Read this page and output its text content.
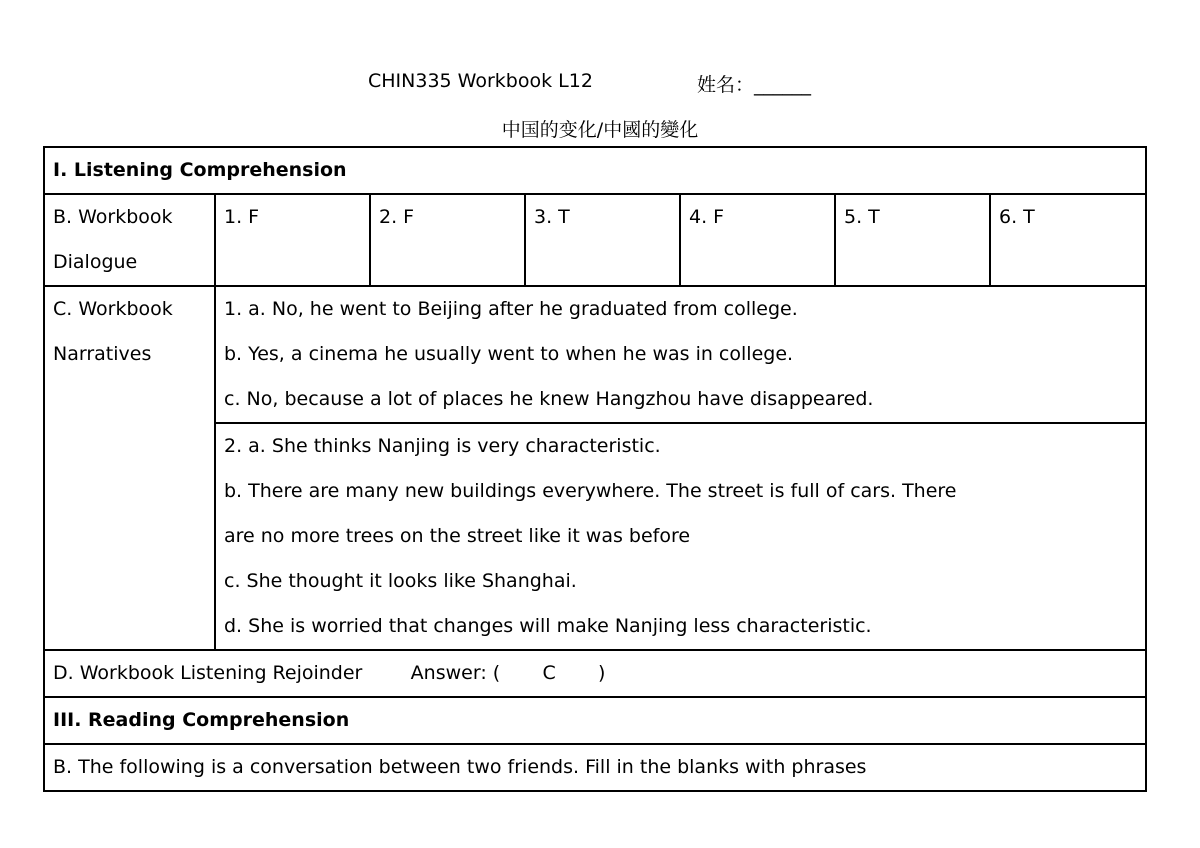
CHIN335 Workbook L12	姓名：______
中国的变化/中國的變化
I. Listening Comprehension						

B. Workbook
Dialogue	1. F	2. F	3. T	4. F	5. T	6. T

C. Workbook
Narratives	1. a. No, he went to Beijing after he graduated from college.
b. Yes, a cinema he usually went to when he was in college.
c. No, because a lot of places he knew Hangzhou have disappeared.					

	2. a. She thinks Nanjing is very characteristic.
b. There are many new buildings everywhere. The street is full of cars. There
are no more trees on the street like it was before
c. She thought it looks like Shanghai.
d. She is worried that changes will make Nanjing less characteristic.					

D. Workbook Listening Rejoinder        Answer: (       C       )						
III. Reading Comprehension						
B. The following is a conversation between two friends. Fill in the blanks with phrases						
